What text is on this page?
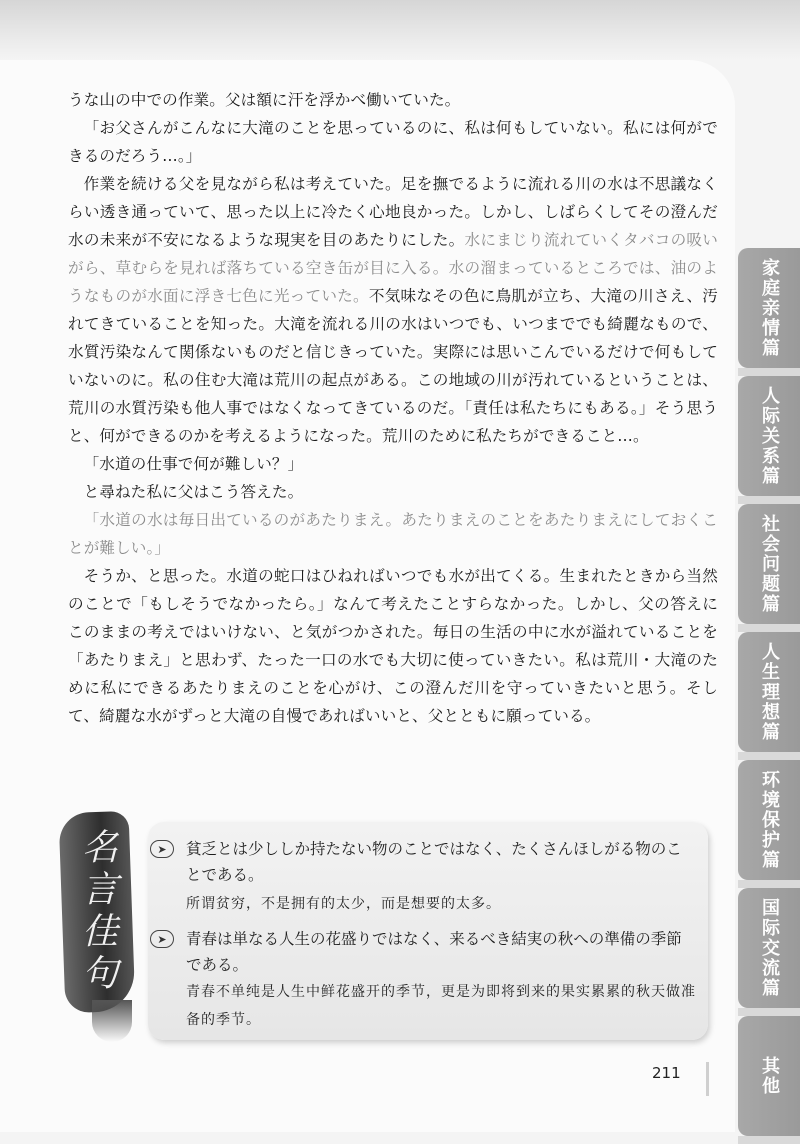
うな山の中での作業。父は額に汗を浮かべ働いていた。

「お父さんがこんなに大滝のことを思っているのに、私は何もしていない。私には何ができるのだろう…。」

作業を続ける父を見ながら私は考えていた。足を撫でるように流れる川の水は不思議なくらい透き通っていて、思った以上に冷たく心地良かった。しかし、しばらくしてその澄んだ水の未来が不安になるような現実を目のあたりにした。水にまじり流れていくタバコの吸いがら、草むらを見れば落ちている空き缶が目に入る。水の溜まっているところでは、油のようなものが水面に浮き七色に光っていた。不気味なその色に鳥肌が立ち、大滝の川さえ、汚れてきていることを知った。大滝を流れる川の水はいつでも、いつまででも綺麗なもので、水質汚染なんて関係ないものだと信じきっていた。実際には思いこんでいるだけで何もしていないのに。私の住む大滝は荒川の起点がある。この地域の川が汚れているということは、荒川の水質汚染も他人事ではなくなってきているのだ。「責任は私たちにもある。」そう思うと、何ができるのかを考えるようになった。荒川のために私たちができること…。

「水道の仕事で何が難しい？」

と尋ねた私に父はこう答えた。

「水道の水は毎日出ているのがあたりまえ。あたりまえのことをあたりまえにしておくことが難しい。」

そうか、と思った。水道の蛇口はひねればいつでも水が出てくる。生まれたときから当然のことで「もしそうでなかったら。」なんて考えたことすらなかった。しかし、父の答えにこのままの考えではいけない、と気がつかされた。毎日の生活の中に水が溢れていることを「あたりまえ」と思わず、たった一口の水でも大切に使っていきたい。私は荒川・大滝のために私にできるあたりまえのことを心がけ、この澄んだ川を守っていきたいと思う。そして、綺麗な水がずっと大滝の自慢であればいいと、父とともに願っている。

家庭亲情篇
人际关系篇
社会问题篇
人生理想篇
环境保护篇
国际交流篇
其他
名言佳句	➤	貧乏とは少ししか持たない物のことではなく、たくさんほしがる物のことである。
所谓贫穷，不是拥有的太少，而是想要的太多。
➤	青春は単なる人生の花盛りではなく、来るべき結実の秋への準備の季節である。
青春不单纯是人生中鲜花盛开的季节，更是为即将到来的果实累累的秋天做准备的季节。
211
